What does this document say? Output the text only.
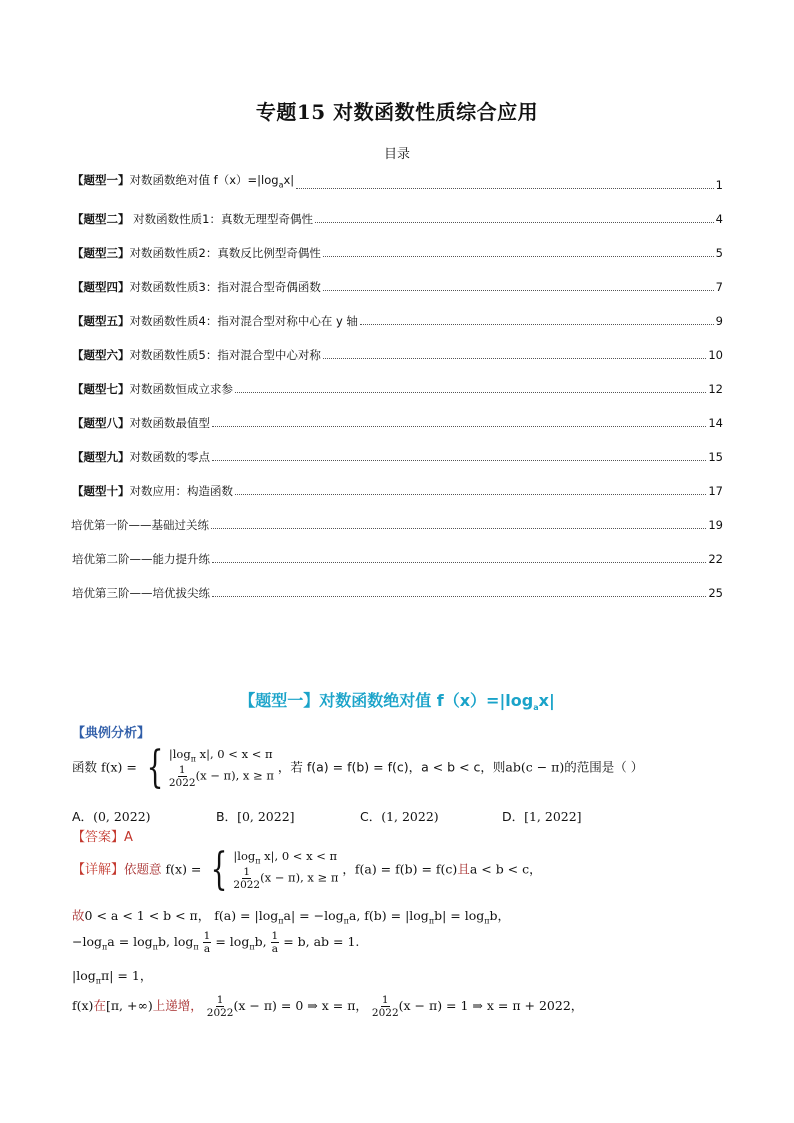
专题15 对数函数性质综合应用
目录
【题型一】对数函数绝对值 $f(x)=|\log_ax|$	1
【题型二】 对数函数性质1：真数无理型奇偶性	4
【题型三】对数函数性质2：真数反比例型奇偶性	5
【题型四】对数函数性质3：指对混合型奇偶函数	7
【题型五】对数函数性质4：指对混合型对称中心在 y 轴	9
【题型六】对数函数性质5：指对混合型中心对称	10
【题型七】对数函数恒成立求参	12
【题型八】对数函数最值型	14
【题型九】对数函数的零点	15
【题型十】对数应用：构造函数	17
培优第一阶——基础过关练	19
培优第二阶——能力提升练	22
培优第三阶——培优拔尖练	25
【题型一】对数函数绝对值 $f(x)=|\log_ax|$
【典例分析】
函数 f(x) = { $|\log_\pi$ x|, 0 < x < π
$\frac{1}{2022} (x - \pi)$, x ≥ π
，若 f(a) = f(b) = f(c)，a < b < c，则ab(c − π)的范围是（ ）
A．(0, 2022)	B．[0, 2022]	C．(1, 2022)	D．[1, 2022]
【答案】A
【详解】依题意 f(x) = { $|\log_\pi$ x|, 0 < x < π
$\frac{1}{2022} (x - \pi)$, x ≥ π
，f(a) = f(b) = f(c)且a < b < c，
故0 < a < 1 < b < π， $f(a) = |\log_\pi a| = -\log_\pi a$, $f(b) = |\log_\pi b| = \log_\pi b$，
$-\log_\pi a = \log_\pi b$, $\log_\pi \frac{1}{a} = \log_\pi b$, $\frac{1}{a} = b$, ab = 1.
$|\log_\pi\pi| = 1$，
f(x)在[π, +∞)上递增， $\frac{1}{2022} (x - \pi) = 0$ ⇒ x = π， $\frac{1}{2022} (x - \pi) = 1$ ⇒ x = π + 2022，
